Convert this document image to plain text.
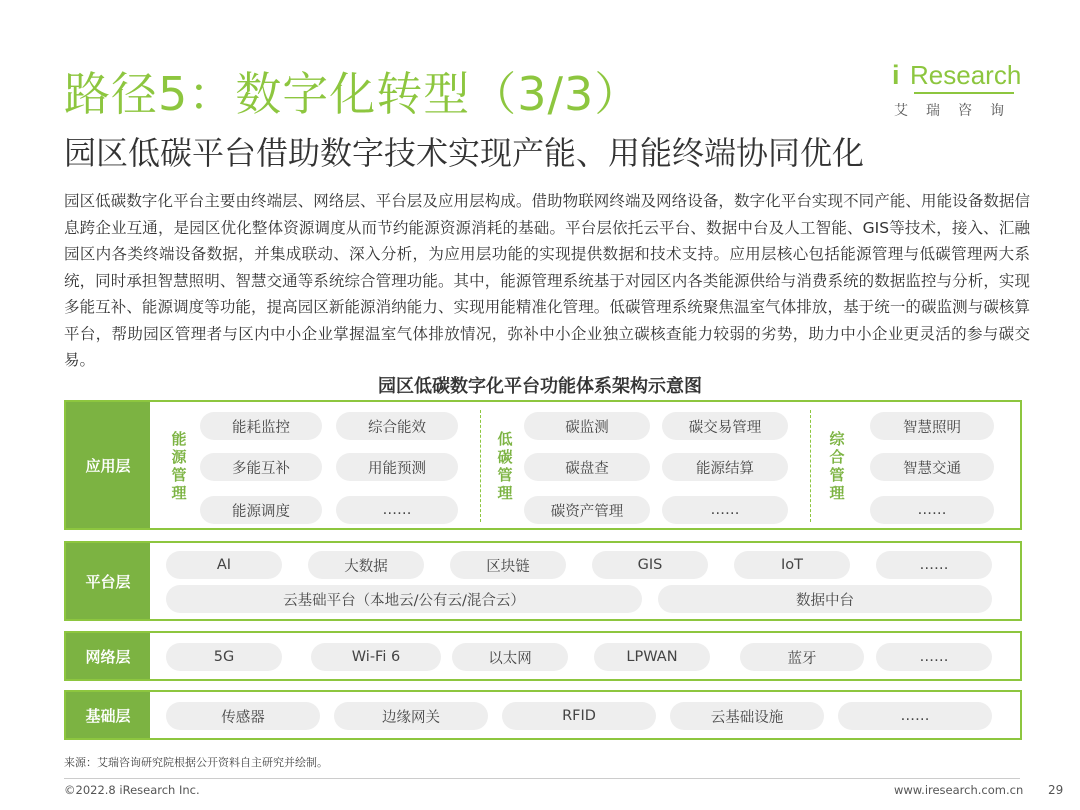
路径5：数字化转型（3/3）
园区低碳平台借助数字技术实现产能、用能终端协同优化
i Research
艾瑞咨询
园区低碳数字化平台主要由终端层、网络层、平台层及应用层构成。借助物联网终端及网络设备，数字化平台实现不同产能、用能设备数据信息跨企业互通，是园区优化整体资源调度从而节约能源资源消耗的基础。平台层依托云平台、数据中台及人工智能、GIS等技术，接入、汇融园区内各类终端设备数据，并集成联动、深入分析，为应用层功能的实现提供数据和技术支持。应用层核心包括能源管理与低碳管理两大系统，同时承担智慧照明、智慧交通等系统综合管理功能。其中，能源管理系统基于对园区内各类能源供给与消费系统的数据监控与分析，实现多能互补、能源调度等功能，提高园区新能源消纳能力、实现用能精准化管理。低碳管理系统聚焦温室气体排放，基于统一的碳监测与碳核算平台，帮助园区管理者与区内中小企业掌握温室气体排放情况，弥补中小企业独立碳核查能力较弱的劣势，助力中小企业更灵活的参与碳交易。
园区低碳数字化平台功能体系架构示意图
应用层
能源管理
能耗监控	综合能效
多能互补	用能预测
能源调度	……
低碳管理
碳监测	碳交易管理
碳盘查	能源结算
碳资产管理	……
综合管理
智慧照明
智慧交通
……
平台层
AI	大数据	区块链	GIS	IoT	……
云基础平台（本地云/公有云/混合云）	数据中台
网络层	5G	Wi-Fi 6	以太网	LPWAN	蓝牙	……
基础层	传感器	边缘网关	RFID	云基础设施	……
来源：艾瑞咨询研究院根据公开资料自主研究并绘制。
©2022.8 iResearch Inc.	www.iresearch.com.cn 29
